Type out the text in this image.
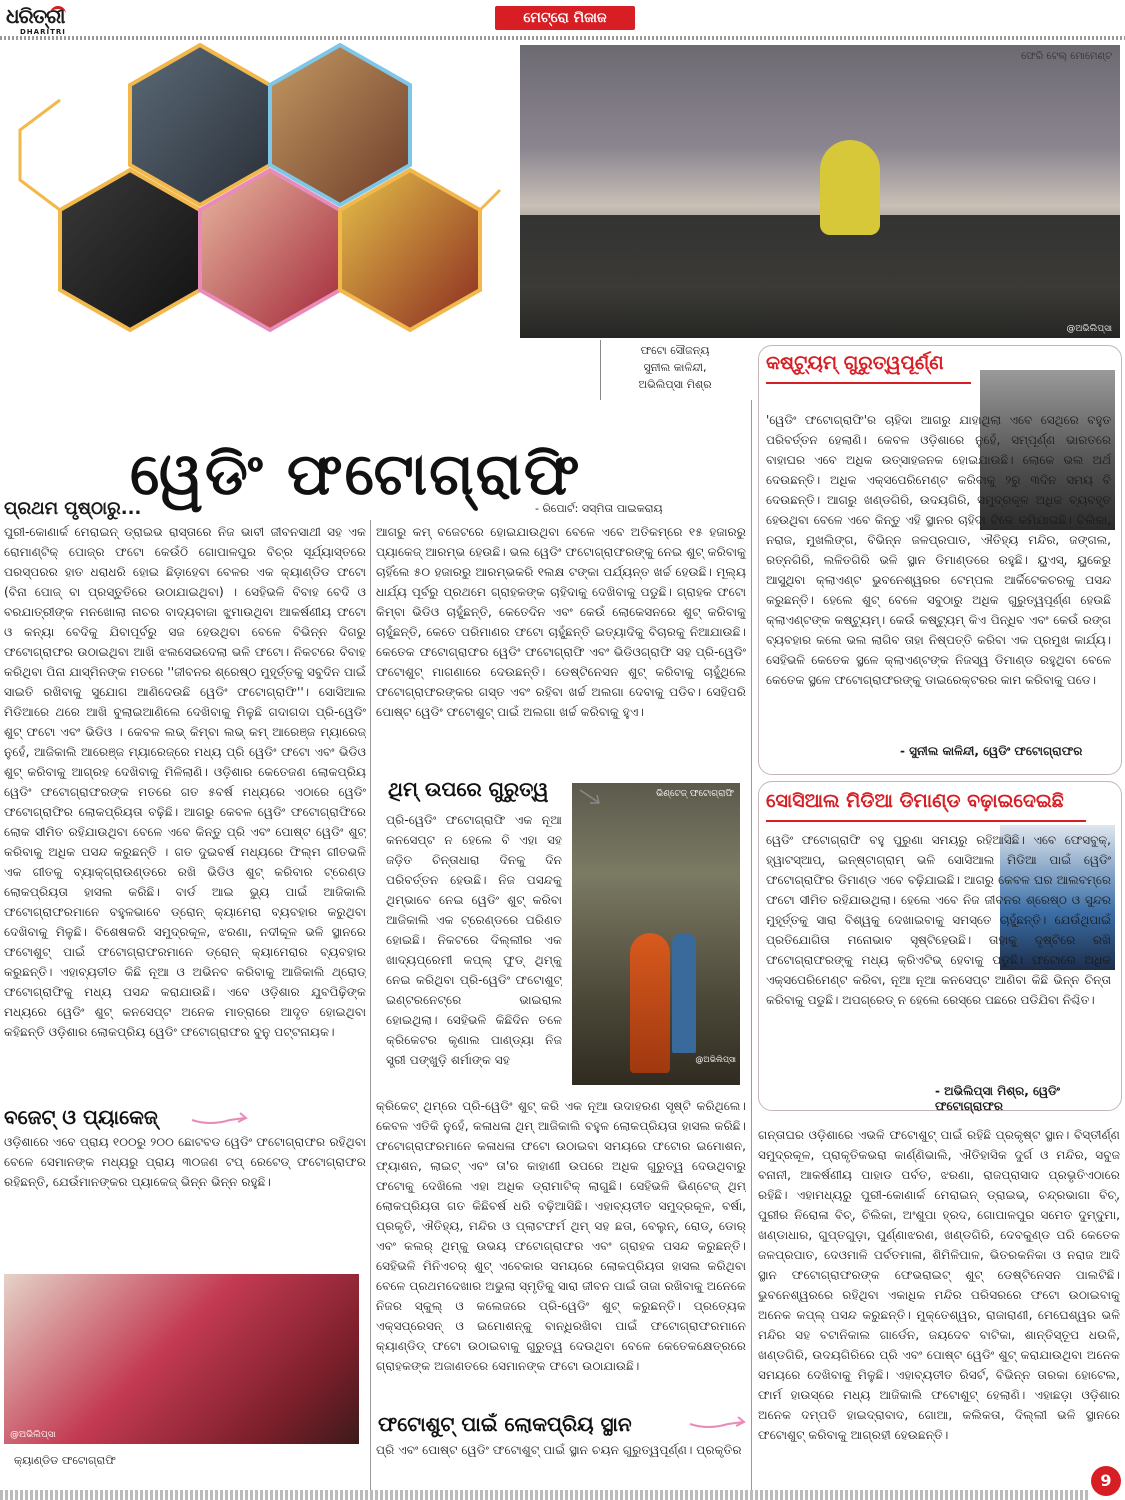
ଧରିତ୍ରୀ
DHARITRI
ମେଟ୍ରୋ ମିଜାଜ
ଫେରି ଟେଲ୍ ମୋମେଣ୍ଟ
@ଅଭିଲିପ୍ସା
ଫଟୋ ସୌଜନ୍ୟ
ସୁନୀଲ କାଳିନ୍ଦୀ,
ଅଭିଲିପ୍ସା ମିଶ୍ର
ୱେଡିଂ ଫଟୋଗ୍ରାଫି
- ରିପୋର୍ଟ: ସସ୍ମିତା ପାଇକରାୟ
ପ୍ରଥମ ପୃଷ୍ଠାରୁ...
ପୁରୀ-କୋଣାର୍କ ମେରାଇନ୍ ଡ୍ରାଇଭ ରାସ୍ତାରେ ନିଜ ଭାବୀ ଜୀବନସାଥୀ ସହ ଏକ ରୋମାଣ୍ଟିକ୍ ପୋଜ୍‌ର ଫଟୋ କେଉଁଠି ଗୋପାଳପୁର ବିଚ୍‌ର ସୂର୍ଯ୍ୟାସ୍ତରେ ପରସ୍ପରର ହାତ ଧରାଧରି ହୋଇ ଛିଡ଼ାହେବା ବେଳର ଏକ କ୍ୟାଣ୍ଡିଡ ଫଟୋ (ବିନା ପୋଜ୍ ବା ପ୍ରସ୍ତୁତିରେ ଉଠାଯାଇଥିବା) । ସେହିଭଳି ବିବାହ ବେଦି ଓ ବରଯାତ୍ରୀଙ୍କ ମନଖୋଲା ନାଚର ବାଦ୍ୟବାଜା ଝୁମାଉଥିବା ଆକର୍ଷଣୀୟ ଫଟୋ ଓ କନ୍ୟା ବେଦିକୁ ଯିବାପୂର୍ବରୁ ସଜ ହେଉଥିବା ବେଳେ ବିଭିନ୍ନ ଦିଗରୁ ଫଟୋଗ୍ରାଫର ଉଠାଇଥିବା ଆଖି ଝଲସେଇଦେଲା ଭଳି ଫଟୋ। ନିକଟରେ ବିବାହ କରିଥିବା ପିନା ଯାସ୍ମିନଙ୍କ ମତରେ ''ଜୀବନର ଶ୍ରେଷ୍ଠ ମୁହୂର୍ତ୍ତକୁ ସବୁଦିନ ପାଇଁ ସାଇତି ରଖିବାକୁ ସୁଯୋଗ ଆଣିଦେଉଛି ୱେଡିଂ ଫଟୋଗ୍ରାଫି''। ସୋସିଆଲ ମିଡିଆରେ ଥରେ ଆଖି ବୁଲାଇଆଣିଲେ ଦେଖିବାକୁ ମିଳୁଛି ଗଦାଗଦା ପ୍ରି-ୱେଡିଂ ଶୁଟ୍ ଫଟୋ ଏବଂ ଭିଡିଓ । କେବଳ ଲଭ୍ କିମ୍ବା ଲଭ୍ କମ୍ ଆରେଞ୍ଜ ମ୍ୟାରେଜ୍ ନୁହେଁ, ଆଜିକାଲି ଆରେଞ୍ଜ ମ୍ୟାରେଜ୍‌ରେ ମଧ୍ୟ ପ୍ରି ୱେଡିଂ ଫଟୋ ଏବଂ ଭିଡିଓ ଶୁଟ୍ କରିବାକୁ ଆଗ୍ରହ ଦେଖିବାକୁ ମିଳିଲାଣି। ଓଡ଼ିଶାର କେତେଜଣ ଲୋକପ୍ରିୟ ୱେଡିଂ ଫଟୋଗ୍ରାଫରଙ୍କ ମତରେ ଗତ ୫ବର୍ଷ ମଧ୍ୟରେ ଏଠାରେ ୱେଡିଂ ଫଟୋଗ୍ରାଫିର ଲୋକପ୍ରିୟତା ବଢ଼ିଛି। ଆଗରୁ କେବଳ ୱେଡିଂ ଫଟୋଗ୍ରାଫିରେ ଲୋକ ସୀମିତ ରହିଯାଉଥିବା ବେଳେ ଏବେ କିନ୍ତୁ ପ୍ରି ଏବଂ ପୋଷ୍ଟ ୱେଡିଂ ଶୁଟ୍ କରିବାକୁ ଅଧିକ ପସନ୍ଦ କରୁଛନ୍ତି । ଗତ ଦୁଇବର୍ଷ ମଧ୍ୟରେ ଫିଲ୍ମ ଗୀତଭଳି ଏକ ଗୀତକୁ ବ୍ୟାକ୍‌ଗ୍ରାଉଣ୍ଡରେ ରଖି ଭିଡିଓ ଶୁଟ୍ କରିବାର ଟ୍ରେଣ୍ଡ ଲୋକପ୍ରିୟତା ହାସଲ କରିଛି। ବାର୍ଡ ଆଇ ଭ୍ୟୁ ପାଇଁ ଆଜିକାଲି ଫଟୋଗ୍ରାଫରମାନେ ବହୁଳଭାବେ ଡ୍ରୋନ୍ କ୍ୟାମେରା ବ୍ୟବହାର କରୁଥିବା ଦେଖିବାକୁ ମିଳୁଛି। ବିଶେଷକରି ସମୁଦ୍ରକୂଳ, ଝରଣା, ନଦୀକୂଳ ଭଳି ସ୍ଥାନରେ ଫଟୋଶୁଟ୍ ପାଇଁ ଫଟୋଗ୍ରାଫରମାନେ ଡ୍ରୋନ୍ କ୍ୟାମେରାର ବ୍ୟବହାର କରୁଛନ୍ତି। ଏହାବ୍ୟତୀତ କିଛି ନୂଆ ଓ ଅଭିନବ କରିବାକୁ ଆଜିକାଲି ଥ୍ରୋଡ୍ ଫଟୋଗ୍ରାଫିକୁ ମଧ୍ୟ ପସନ୍ଦ କରାଯାଉଛି। ଏବେ ଓଡ଼ିଶାର ଯୁବପିଢ଼ିଙ୍କ ମଧ୍ୟରେ ୱେଡିଂ ଶୁଟ୍ କନସେପ୍ଟ ଅନେକ ମାତ୍ରାରେ ଆଦୃତ ହୋଇଥିବା କହିଛନ୍ତି ଓଡ଼ିଶାର ଲୋକପ୍ରିୟ ୱେଡିଂ ଫଟୋଗ୍ରାଫର ବୁନୁ ପଟ୍ଟନାୟକ।
ବଜେଟ୍ ଓ ପ୍ୟାକେଜ୍
ଓଡ଼ିଶାରେ ଏବେ ପ୍ରାୟ ୧୦୦ରୁ ୨୦୦ ଛୋଟବଡ ୱେଡିଂ ଫଟୋଗ୍ରାଫର ରହିଥିବା ବେଳେ ସେମାନଙ୍କ ମଧ୍ୟରୁ ପ୍ରାୟ ୩୦ଜଣ ଟପ୍ ରେଟେଡ୍ ଫଟୋଗ୍ରାଫର ରହିଛନ୍ତି, ଯେଉଁମାନଙ୍କର ପ୍ୟାକେଜ୍ ଭିନ୍ନ ଭିନ୍ନ ରହୁଛି।
@ଅଭିଲିପ୍ସା
କ୍ୟାଣ୍ଡିଡ ଫଟୋଗ୍ରାଫି
ଆଗରୁ କମ୍ ବଜେଟରେ ହୋଇଯାଉଥିବା ବେଳେ ଏବେ ଅତିକମ୍‌ରେ ୧୫ ହଜାରରୁ ପ୍ୟାକେଜ୍ ଆରମ୍ଭ ହେଉଛି। ଭଲ ୱେଡିଂ ଫଟୋଗ୍ରାଫରଙ୍କୁ ନେଇ ଶୁଟ୍ କରିବାକୁ ଚାହିଁଲେ ୫୦ ହଜାରରୁ ଆରମ୍ଭକରି ୧ଲକ୍ଷ ଟଙ୍କା ପର୍ଯ୍ୟନ୍ତ ଖର୍ଚ୍ଚ ହେଉଛି। ମୂଲ୍ୟ ଧାର୍ଯ୍ୟ ପୂର୍ବରୁ ପ୍ରଥମେ ଗ୍ରାହକଙ୍କ ଚାହିଦାକୁ ଦେଖିବାକୁ ପଡୁଛି। ଗ୍ରାହକ ଫଟୋ କିମ୍ବା ଭିଡିଓ ଚାହୁଁଛନ୍ତି, କେତେଦିନ ଏବଂ କେଉଁ ଲୋକେସନରେ ଶୁଟ୍ କରିବାକୁ ଚାହୁଁଛନ୍ତି, କେତେ ପରିମାଣର ଫଟୋ ଚାହୁଁଛନ୍ତି ଇତ୍ୟାଦିକୁ ବିଚାରକୁ ନିଆଯାଉଛି। କେତେକ ଫଟୋଗ୍ରାଫର ୱେଡିଂ ଫଟୋଗ୍ରାଫି ଏବଂ ଭିଡିଓଗ୍ରାଫି ସହ ପ୍ରି-ୱେଡିଂ ଫଟୋଶୁଟ୍ ମାଗଣାରେ ଦେଉଛନ୍ତି। ଡେଷ୍ଟିନେସନ ଶୁଟ୍ କରିବାକୁ ଚାହୁଁଥିଲେ ଫଟୋଗ୍ରାଫରଙ୍କର ଗସ୍ତ ଏବଂ ରହିବା ଖର୍ଚ୍ଚ ଅଲଗା ଦେବାକୁ ପଡିବ। ସେହିପରି ପୋଷ୍ଟ ୱେଡିଂ ଫଟୋଶୁଟ୍ ପାଇଁ ଅଲଗା ଖର୍ଚ୍ଚ କରିବାକୁ ହୁଏ।
ଥିମ୍ ଉପରେ ଗୁରୁତ୍ୱ
ପ୍ରି-ୱେଡିଂ ଫଟୋଗ୍ରାଫି ଏକ ନୂଆ କନସେପ୍ଟ ନ ହେଲେ ବି ଏହା ସହ ଜଡ଼ିତ ଚିନ୍ତାଧାରା ଦିନକୁ ଦିନ ପରିବର୍ତ୍ତନ ହେଉଛି। ନିଜ ପସନ୍ଦକୁ ଥିମ୍‌ଭାବେ ନେଇ ୱେଡିଂ ଶୁଟ୍ କରିବା ଆଜିକାଲି ଏକ ଟ୍ରେଣ୍ଡରେ ପରିଣତ ହୋଇଛି। ନିକଟରେ ଦିଲ୍ଲୀର ଏକ ଖାଦ୍ୟପ୍ରେମୀ କପ୍‌ଲ୍ ଫୁଡ୍ ଥିମ୍‌କୁ ନେଇ କରିଥିବା ପ୍ରି-ୱେଡିଂ ଫଟୋଶୁଟ୍ ଇଣ୍ଟରନେଟ୍‌ରେ ଭାଇରାଲ ହୋଇଥିଲା। ସେହିଭଳି କିଛିଦିନ ତଳେ କ୍ରିକେଟର କୃଣାଲ ପାଣ୍ଡ୍ୟା ନିଜ ସ୍ତ୍ରୀ ପଙ୍ଖୁଡ଼ି ଶର୍ମାଙ୍କ ସହ
ଭିଣ୍ଟେଜ୍ ଫଟୋଗ୍ରାଫି
@ଅଭିଲିପ୍ସା
କ୍ରିକେଟ୍ ଥିମ୍‌ରେ ପ୍ରି-ୱେଡିଂ ଶୁଟ୍ କରି ଏକ ନୂଆ ଉଦାହରଣ ସୃଷ୍ଟି କରିଥିଲେ। କେବଳ ଏତିକି ନୁହେଁ, କଳାଧଳା ଥିମ୍ ଆଜିକାଲି ବହୁଳ ଲୋକପ୍ରିୟତା ହାସଲ କରିଛି। ଫଟୋଗ୍ରାଫରମାନେ କଳାଧଳା ଫଟୋ ଉଠାଇବା ସମୟରେ ଫଟୋର ଇମୋଶନ, ଫ୍ୟାଶନ, ଲାଇଟ୍ ଏବଂ ତା'ର କାହାଣୀ ଉପରେ ଅଧିକ ଗୁରୁତ୍ୱ ଦେଉଥିବାରୁ ଫଟୋକୁ ଦେଖିଲେ ଏହା ଅଧିକ ଡ୍ରାମାଟିକ୍ ଲାଗୁଛି। ସେହିଭଳି ଭିଣ୍ଟେଜ୍ ଥିମ୍ ଲୋକପ୍ରିୟତା ଗତ କିଛିବର୍ଷ ଧରି ବଢ଼ିଆସିଛି। ଏହାବ୍ୟତୀତ ସମୁଦ୍ରକୂଳ, ବର୍ଷା, ପ୍ରକୃତି, ଐତିହ୍ୟ, ମନ୍ଦିର ଓ ପ୍ଲାଟଫର୍ମ ଥିମ୍ ସହ ଛତା, ବେଲୁନ୍, ରୋଡ୍, ଡୋର୍ ଏବଂ କଲର୍ ଥିମ୍‌କୁ ଉଭୟ ଫଟୋଗ୍ରାଫର ଏବଂ ଗ୍ରାହକ ପସନ୍ଦ କରୁଛନ୍ତି। ସେହିଭଳି ମିନିଏଚର୍ ଶୁଟ୍ ଏବେକାର ସମୟରେ ଲୋକପ୍ରିୟତା ହାସଲ କରିଥିବା ବେଳେ ପ୍ରଥମଦେଖାର ଅଭୁଲା ସ୍ମୃତିକୁ ସାରା ଜୀବନ ପାଇଁ ତାଜା ରଖିବାକୁ ଅନେକେ ନିଜର ସ୍କୁଲ୍ ଓ କଲେଜରେ ପ୍ରି-ୱେଡିଂ ଶୁଟ୍ କରୁଛନ୍ତି। ପ୍ରତ୍ୟେକ ଏକ୍ସପ୍ରେସନ୍ ଓ ଇମୋଶନ୍‌କୁ ବାନ୍ଧିରଖିବା ପାଇଁ ଫଟୋଗ୍ରାଫରମାନେ କ୍ୟାଣ୍ଡିଡ୍ ଫଟୋ ଉଠାଇବାକୁ ଗୁରୁତ୍ୱ ଦେଉଥିବା ବେଳେ କେତେକକ୍ଷେତ୍ରରେ ଗ୍ରାହକଙ୍କ ଅଜାଣତରେ ସେମାନଙ୍କ ଫଟୋ ଉଠାଯାଉଛି।
ଫଟୋଶୁଟ୍ ପାଇଁ ଲୋକପ୍ରିୟ ସ୍ଥାନ
ପ୍ରି ଏବଂ ପୋଷ୍ଟ ୱେଡିଂ ଫଟୋଶୁଟ୍ ପାଇଁ ସ୍ଥାନ ଚୟନ ଗୁରୁତ୍ୱପୂର୍ଣ୍ଣ। ପ୍ରକୃତିର
କଷ୍ଟ୍ୟୁମ୍ ଗୁରୁତ୍ୱପୂର୍ଣ୍ଣ
'ୱେଡିଂ ଫଟୋଗ୍ରାଫି'ର ଚାହିଦା ଆଗରୁ ଯାହାଥିଲା ଏବେ ସେଥିରେ ବହୁତ ପରିବର୍ତ୍ତନ ହେଲାଣି। କେବଳ ଓଡ଼ିଶାରେ ନୁହେଁ, ସମ୍ପୂର୍ଣ୍ଣ ଭାରତରେ ବାହାଘର ଏବେ ଅଧିକ ଉତ୍ସାହଜନକ ହୋଇଯାଉଛି। ଲୋକେ ଭଲ ଅର୍ଥ ଦେଉଛନ୍ତି। ଅଧିକ ଏକ୍ସପେରିମେଣ୍ଟ କରିବାକୁ ୨ରୁ ୩ଦିନ ସମୟ ବି ଦେଉଛନ୍ତି। ଆଗରୁ ଖଣ୍ଡଗିରି, ଉଦୟଗିରି, ସମୁଦ୍ରକୂଳ ଅଧିକ ବ୍ୟବହୃତ ହେଉଥିବା ବେଳେ ଏବେ କିନ୍ତୁ ଏହି ସ୍ଥାନର ଚାହିଦା ଟିକେ କମିଯାଇଛି। ଚିଲିକା, ନରାଜ, ମୁଖଲିଙ୍ଗ, ବିଭିନ୍ନ ଜଳପ୍ରପାତ, ଐତିହ୍ୟ ମନ୍ଦିର, ଜଙ୍ଗଲ, ରତ୍ନଗିରି, ଲଳିତଗିରି ଭଳି ସ୍ଥାନ ଡିମାଣ୍ଡରେ ରହୁଛି। ୟୁଏସ୍, ୟୁକେରୁ ଆସୁଥିବା କ୍ଲାଏଣ୍ଟ ଭୁବନେଶ୍ୱରର ଟେମ୍ପଲ ଆର୍କିଟେକଚରକୁ ପସନ୍ଦ କରୁଛନ୍ତି। ହେଲେ ଶୁଟ୍ ବେଳେ ସବୁଠାରୁ ଅଧିକ ଗୁରୁତ୍ୱପୂର୍ଣ୍ଣ ହେଉଛି କ୍ଲାଏଣ୍ଟଙ୍କ କଷ୍ଟ୍ୟୁମ୍। କେଉଁ କଷ୍ଟ୍ୟୁମ୍ କିଏ ପିନ୍ଧିବ ଏବଂ କେଉଁ ରଙ୍ଗ ବ୍ୟବହାର କଲେ ଭଲ ଲାଗିବ ତାହା ନିଷ୍ପତ୍ତି କରିବା ଏକ ପ୍ରମୁଖ କାର୍ଯ୍ୟ। ସେହିଭଳି କେତେକ ସ୍ଥଳେ କ୍ଲାଏଣ୍ଟଙ୍କ ନିଜସ୍ୱ ଡିମାଣ୍ଡ ରହୁଥିବା ବେଳେ କେତେକ ସ୍ଥଳେ ଫଟୋଗ୍ରାଫରଙ୍କୁ ଡାଇରେକ୍ଟରର କାମ କରିବାକୁ ପଡେ।
- ସୁନୀଲ କାଳିନ୍ଦୀ, ୱେଡିଂ ଫଟୋଗ୍ରାଫର
ସୋସିଆଲ ମିଡିଆ ଡିମାଣ୍ଡ ବଢ଼ାଇଦେଇଛି
ୱେଡିଂ ଫଟୋଗ୍ରାଫି ବହୁ ପୁରୁଣା ସମୟରୁ ରହିଆସିଛି। ଏବେ ଫେସବୁକ୍, ହ୍ୱାଟସ୍‌ଆପ୍, ଇନ୍‌ଷ୍ଟାଗ୍ରାମ୍ ଭଳି ସୋସିଆଲ ମିଡିଆ ପାଇଁ ୱେଡିଂ ଫଟୋଗ୍ରାଫିର ଡିମାଣ୍ଡ ଏବେ ବଢ଼ିଯାଇଛି। ଆଗରୁ କେବଳ ଘର ଆଲବମ୍‌ରେ ଫଟୋ ସୀମିତ ରହିଯାଉଥିଲା। ହେଲେ ଏବେ ନିଜ ଜୀବନର ଶ୍ରେଷ୍ଠ ଓ ସୁନ୍ଦର ମୁହୂର୍ତ୍ତକୁ ସାରା ବିଶ୍ୱକୁ ଦେଖାଇବାକୁ ସମସ୍ତେ ଚାହୁଁଛନ୍ତି। ଯେଉଁଥିପାଇଁ ପ୍ରତିଯୋଗିତା ମନୋଭାବ ସୃଷ୍ଟିହେଉଛି। ତାହାକୁ ଦୃଷ୍ଟିରେ ରଖି ଫଟୋଗ୍ରାଫରଙ୍କୁ ମଧ୍ୟ କ୍ରିଏଟିଭ୍ ହେବାକୁ ପଡୁଛି। ଫଟୋରେ ଅଧିକ ଏକ୍ସପେରିମେଣ୍ଟ କରିବା, ନୂଆ ନୂଆ କନସେପ୍ଟ ଆଣିବା କିଛି ଭିନ୍ନ ଚିନ୍ତା କରିବାକୁ ପଡୁଛି। ଅପଗ୍ରେଡ୍ ନ ହେଲେ ରେସ୍‌ରେ ପଛରେ ପଡିଯିବା ନିଶ୍ଚିତ।
- ଅଭିଲିପ୍ସା ମିଶ୍ର, ୱେଡିଂ ଫଟୋଗ୍ରାଫର
ଗନ୍ତାଘର ଓଡ଼ିଶାରେ ଏଭଳି ଫଟୋଶୁଟ୍ ପାଇଁ ରହିଛି ପ୍ରକୃଷ୍ଟ ସ୍ଥାନ। ବିସ୍ତୀର୍ଣ୍ଣ ସମୁଦ୍ରକୂଳ, ପ୍ରାକୃତିକଭରା କାର୍ଣ୍ଣିଭାଲି, ଐତିହାସିକ ଦୁର୍ଗ ଓ ମନ୍ଦିର, ସବୁଜ ବନାନୀ, ଆକର୍ଷଣୀୟ ପାହାଡ ପର୍ବତ, ଝରଣା, ରାଜପ୍ରାସାଦ ପ୍ରଭୃତିଏଠାରେ ରହିଛି। ଏହାମଧ୍ୟରୁ ପୁରୀ-କୋଣାର୍କ ମେରାଇନ୍ ଡ୍ରାଇଭ୍, ଚନ୍ଦ୍ରଭାଗା ବିଚ୍, ପୁରୀର ନିରୋଳା ବିଚ୍, ଚିଲିକା, ଅଂଶୁପା ହ୍ରଦ, ଗୋପାଳପୁର ସମେତ ଦୁମ୍‌ଦୁମା, ଖଣ୍ଡାଧାର, ଗୁପ୍ତଗୁଡ଼ା, ପୁର୍ଣ୍ଣାଝରଣ, ଖଣ୍ଡଗିରି, ଦେବକୁଣ୍ଡ ପରି କେତେକ ଜଳପ୍ରପାତ, ଦେଓମାଳି ପର୍ବତମାଳା, ଶିମିଳିପାଳ, ଭିତରକନିକା ଓ ନରାଜ ଆଦି ସ୍ଥାନ ଫଟୋଗ୍ରାଫରଙ୍କ ଫେଭରାଇଟ୍ ଶୁଟ୍ ଡେଷ୍ଟିନେସନ ପାଲଟିଛି। ଭୁବନେଶ୍ୱରରେ ରହିଥିବା ଏକାଧିକ ମନ୍ଦିର ପରିସରରେ ଫଟୋ ଉଠାଇବାକୁ ଅନେକ କପ୍‌ଲ୍ ପସନ୍ଦ କରୁଛନ୍ତି। ମୁକ୍ତେଶ୍ୱର, ରାଜାରାଣୀ, ମେଘେଶ୍ୱର ଭଳି ମନ୍ଦିର ସହ ବଟାନିକାଲ ଗାର୍ଡେନ, ଜୟଦେବ ବାଟିକା, ଶାନ୍ତିସ୍ତୂପ ଧଉଳି, ଖଣ୍ଡଗିରି, ଉଦୟଗିରିରେ ପ୍ରି ଏବଂ ପୋଷ୍ଟ ୱେଡିଂ ଶୁଟ୍ କରାଯାଉଥିବା ଅନେକ ସମୟରେ ଦେଖିବାକୁ ମିଳୁଛି। ଏହାବ୍ୟତୀତ ରିସର୍ଟ, ବିଭିନ୍ନ ତାରକା ହୋଟେଲ, ଫାର୍ମ ହାଉସ୍‌ରେ ମଧ୍ୟ ଆଜିକାଲି ଫଟୋଶୁଟ୍ ହେଲାଣି। ଏହାଛଡ଼ା ଓଡ଼ିଶାର ଅନେକ ଦମ୍ପତି ହାଇଦ୍ରାବାଦ, ଗୋଆ, କଲିକତା, ଦିଲ୍ଲୀ ଭଳି ସ୍ଥାନରେ ଫଟୋଶୁଟ୍ କରିବାକୁ ଆଗ୍ରହୀ ହେଉଛନ୍ତି।
9
